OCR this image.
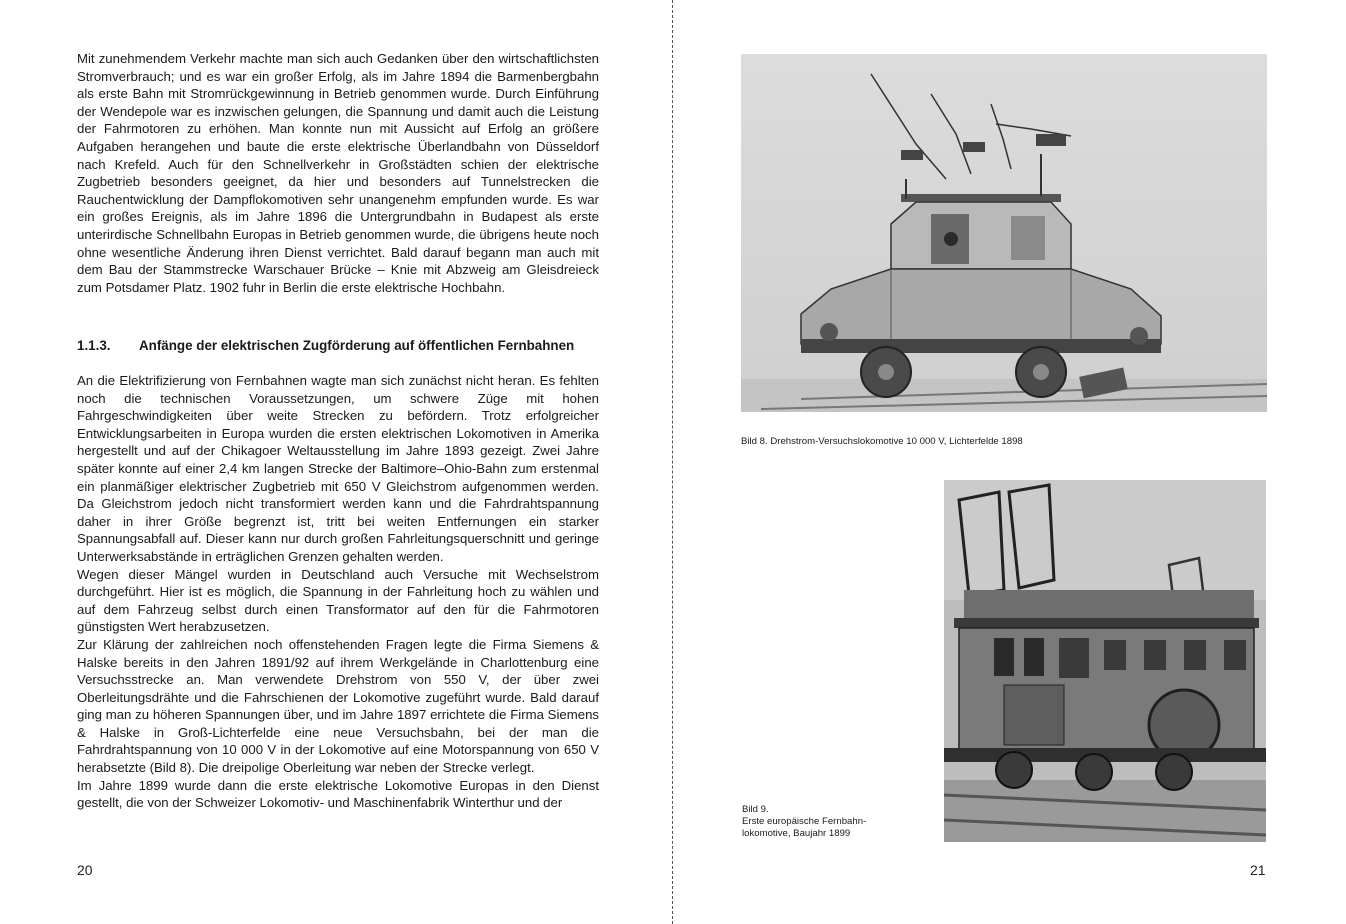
Mit zunehmendem Verkehr machte man sich auch Gedanken über den wirtschaftlichsten Stromverbrauch; und es war ein großer Erfolg, als im Jahre 1894 die Barmenbergbahn als erste Bahn mit Stromrückgewinnung in Betrieb genommen wurde. Durch Einführung der Wendepole war es inzwischen gelungen, die Spannung und damit auch die Leistung der Fahrmotoren zu erhöhen. Man konnte nun mit Aussicht auf Erfolg an größere Aufgaben herangehen und baute die erste elektrische Überlandbahn von Düsseldorf nach Krefeld. Auch für den Schnellverkehr in Großstädten schien der elektrische Zugbetrieb besonders geeignet, da hier und besonders auf Tunnelstrecken die Rauchentwicklung der Dampflokomotiven sehr unangenehm empfunden wurde. Es war ein großes Ereignis, als im Jahre 1896 die Untergrundbahn in Budapest als erste unterirdische Schnellbahn Europas in Betrieb genommen wurde, die übrigens heute noch ohne wesentliche Änderung ihren Dienst verrichtet. Bald darauf begann man auch mit dem Bau der Stammstrecke Warschauer Brücke – Knie mit Abzweig am Gleisdreieck zum Potsdamer Platz. 1902 fuhr in Berlin die erste elektrische Hochbahn.

1.1.3. Anfänge der elektrischen Zugförderung auf öffentlichen Fernbahnen

An die Elektrifizierung von Fernbahnen wagte man sich zunächst nicht heran. Es fehlten noch die technischen Voraussetzungen, um schwere Züge mit hohen Fahrgeschwindigkeiten über weite Strecken zu befördern. Trotz erfolgreicher Entwicklungsarbeiten in Europa wurden die ersten elektrischen Lokomotiven in Amerika hergestellt und auf der Chikagoer Weltausstellung im Jahre 1893 gezeigt. Zwei Jahre später konnte auf einer 2,4 km langen Strecke der Baltimore–Ohio-Bahn zum erstenmal ein planmäßiger elektrischer Zugbetrieb mit 650 V Gleichstrom aufgenommen werden. Da Gleichstrom jedoch nicht transformiert werden kann und die Fahrdrahtspannung daher in ihrer Größe begrenzt ist, tritt bei weiten Entfernungen ein starker Spannungsabfall auf. Dieser kann nur durch großen Fahrleitungsquerschnitt und geringe Unterwerksabstände in erträglichen Grenzen gehalten werden.

Wegen dieser Mängel wurden in Deutschland auch Versuche mit Wechselstrom durchgeführt. Hier ist es möglich, die Spannung in der Fahrleitung hoch zu wählen und auf dem Fahrzeug selbst durch einen Transformator auf den für die Fahrmotoren günstigsten Wert herabzusetzen.

Zur Klärung der zahlreichen noch offenstehenden Fragen legte die Firma Siemens & Halske bereits in den Jahren 1891/92 auf ihrem Werkgelände in Charlottenburg eine Versuchsstrecke an. Man verwendete Drehstrom von 550 V, der über zwei Oberleitungsdrähte und die Fahrschienen der Lokomotive zugeführt wurde. Bald darauf ging man zu höheren Spannungen über, und im Jahre 1897 errichtete die Firma Siemens & Halske in Groß-Lichterfelde eine neue Versuchsbahn, bei der man die Fahrdrahtspannung von 10 000 V in der Lokomotive auf eine Motorspannung von 650 V herabsetzte (Bild 8). Die dreipolige Oberleitung war neben der Strecke verlegt.

Im Jahre 1899 wurde dann die erste elektrische Lokomotive Europas in den Dienst gestellt, die von der Schweizer Lokomotiv- und Maschinenfabrik Winterthur und der

20
Bild 8. Drehstrom-Versuchslokomotive 10 000 V, Lichterfelde 1898
Bild 9.
Erste europäische Fernbahn-
lokomotive, Baujahr 1899
21
